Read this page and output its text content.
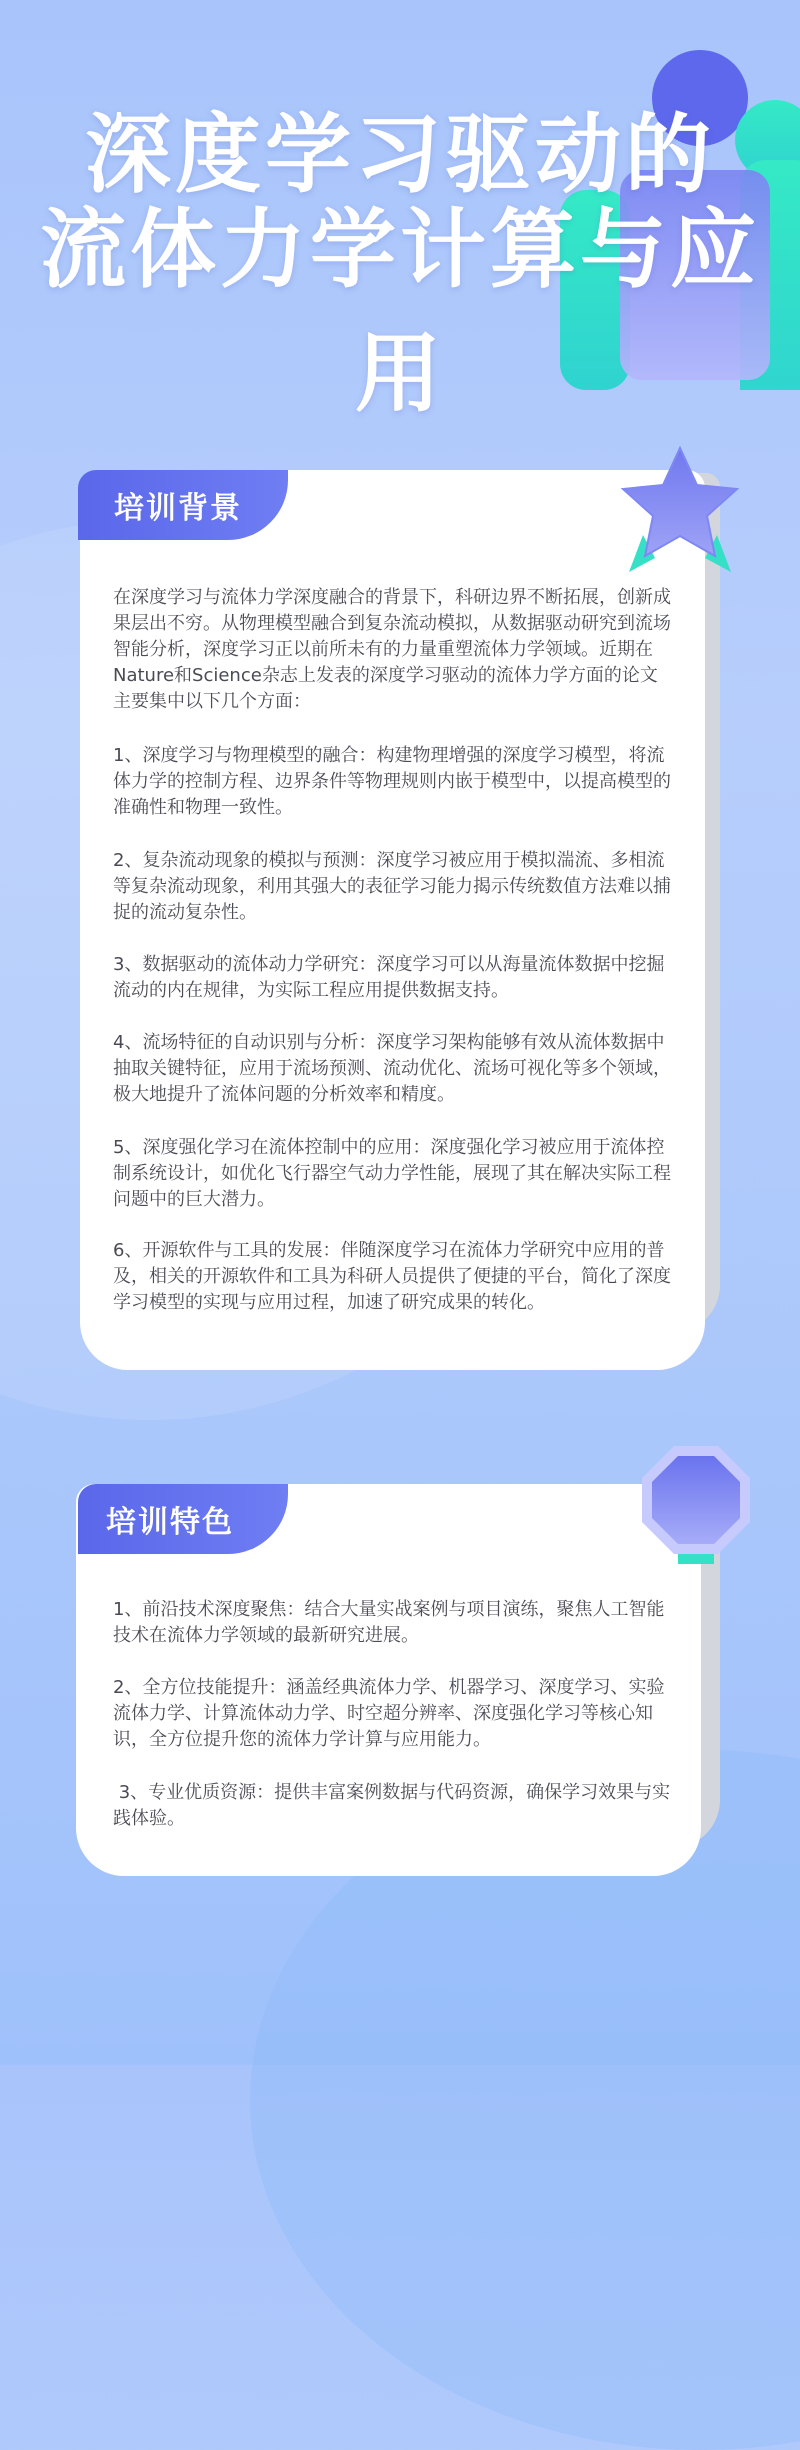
深度学习驱动的
流体力学计算与应用
培训背景
在深度学习与流体力学深度融合的背景下，科研边界不断拓展，创新成果层出不穷。从物理模型融合到复杂流动模拟，从数据驱动研究到流场智能分析，深度学习正以前所未有的力量重塑流体力学领域。近期在Nature和Science杂志上发表的深度学习驱动的流体力学方面的论文主要集中以下几个方面：
1、深度学习与物理模型的融合：构建物理增强的深度学习模型，将流体力学的控制方程、边界条件等物理规则内嵌于模型中，以提高模型的准确性和物理一致性。
2、复杂流动现象的模拟与预测：深度学习被应用于模拟湍流、多相流等复杂流动现象，利用其强大的表征学习能力揭示传统数值方法难以捕捉的流动复杂性。
3、数据驱动的流体动力学研究：深度学习可以从海量流体数据中挖掘流动的内在规律，为实际工程应用提供数据支持。
4、流场特征的自动识别与分析：深度学习架构能够有效从流体数据中抽取关键特征，应用于流场预测、流动优化、流场可视化等多个领域，极大地提升了流体问题的分析效率和精度。
5、深度强化学习在流体控制中的应用：深度强化学习被应用于流体控制系统设计，如优化飞行器空气动力学性能，展现了其在解决实际工程问题中的巨大潜力。
6、开源软件与工具的发展：伴随深度学习在流体力学研究中应用的普及，相关的开源软件和工具为科研人员提供了便捷的平台，简化了深度学习模型的实现与应用过程，加速了研究成果的转化。
培训特色
1、前沿技术深度聚焦：结合大量实战案例与项目演练，聚焦人工智能技术在流体力学领域的最新研究进展。
2、全方位技能提升：涵盖经典流体力学、机器学习、深度学习、实验流体力学、计算流体动力学、时空超分辨率、深度强化学习等核心知识，全方位提升您的流体力学计算与应用能力。
3、专业优质资源：提供丰富案例数据与代码资源，确保学习效果与实践体验。
